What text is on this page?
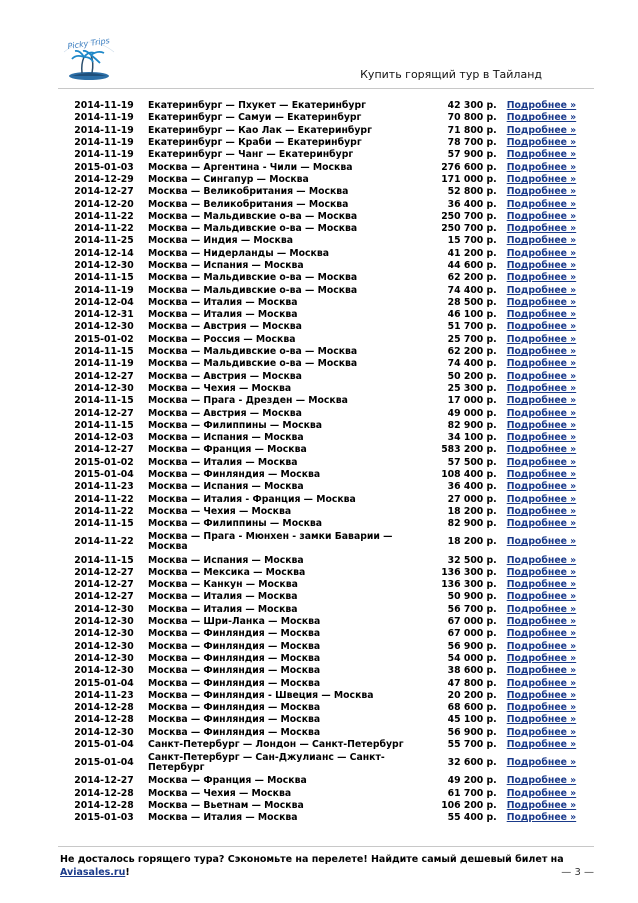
Picky Trips
Купить горящий тур в Тайланд
2014-11-19	Екатеринбург — Пхукет — Екатеринбург	42 300 р.	Подробнее »
2014-11-19	Екатеринбург — Самуи — Екатеринбург	70 800 р.	Подробнее »
2014-11-19	Екатеринбург — Као Лак — Екатеринбург	71 800 р.	Подробнее »
2014-11-19	Екатеринбург — Краби — Екатеринбург	78 700 р.	Подробнее »
2014-11-19	Екатеринбург — Чанг — Екатеринбург	57 900 р.	Подробнее »
2015-01-03	Москва — Аргентина - Чили — Москва	276 600 р.	Подробнее »
2014-12-29	Москва — Сингапур — Москва	171 000 р.	Подробнее »
2014-12-27	Москва — Великобритания — Москва	52 800 р.	Подробнее »
2014-12-20	Москва — Великобритания — Москва	36 400 р.	Подробнее »
2014-11-22	Москва — Мальдивские о-ва — Москва	250 700 р.	Подробнее »
2014-11-22	Москва — Мальдивские о-ва — Москва	250 700 р.	Подробнее »
2014-11-25	Москва — Индия — Москва	15 700 р.	Подробнее »
2014-12-14	Москва — Нидерланды — Москва	41 200 р.	Подробнее »
2014-12-30	Москва — Испания — Москва	44 600 р.	Подробнее »
2014-11-15	Москва — Мальдивские о-ва — Москва	62 200 р.	Подробнее »
2014-11-19	Москва — Мальдивские о-ва — Москва	74 400 р.	Подробнее »
2014-12-04	Москва — Италия — Москва	28 500 р.	Подробнее »
2014-12-31	Москва — Италия — Москва	46 100 р.	Подробнее »
2014-12-30	Москва — Австрия — Москва	51 700 р.	Подробнее »
2015-01-02	Москва — Россия — Москва	25 700 р.	Подробнее »
2014-11-15	Москва — Мальдивские о-ва — Москва	62 200 р.	Подробнее »
2014-11-19	Москва — Мальдивские о-ва — Москва	74 400 р.	Подробнее »
2014-12-27	Москва — Австрия — Москва	50 200 р.	Подробнее »
2014-12-30	Москва — Чехия — Москва	25 300 р.	Подробнее »
2014-11-15	Москва — Прага - Дрезден — Москва	17 000 р.	Подробнее »
2014-12-27	Москва — Австрия — Москва	49 000 р.	Подробнее »
2014-11-15	Москва — Филиппины — Москва	82 900 р.	Подробнее »
2014-12-03	Москва — Испания — Москва	34 100 р.	Подробнее »
2014-12-27	Москва — Франция — Москва	583 200 р.	Подробнее »
2015-01-02	Москва — Италия — Москва	57 500 р.	Подробнее »
2015-01-04	Москва — Финляндия — Москва	108 400 р.	Подробнее »
2014-11-23	Москва — Испания — Москва	36 400 р.	Подробнее »
2014-11-22	Москва — Италия - Франция — Москва	27 000 р.	Подробнее »
2014-11-22	Москва — Чехия — Москва	18 200 р.	Подробнее »
2014-11-15	Москва — Филиппины — Москва	82 900 р.	Подробнее »
2014-11-22	Москва — Прага - Мюнхен - замки Баварии — Москва	18 200 р.	Подробнее »
2014-11-15	Москва — Испания — Москва	32 500 р.	Подробнее »
2014-12-27	Москва — Мексика — Москва	136 300 р.	Подробнее »
2014-12-27	Москва — Канкун — Москва	136 300 р.	Подробнее »
2014-12-27	Москва — Италия — Москва	50 900 р.	Подробнее »
2014-12-30	Москва — Италия — Москва	56 700 р.	Подробнее »
2014-12-30	Москва — Шри-Ланка — Москва	67 000 р.	Подробнее »
2014-12-30	Москва — Финляндия — Москва	67 000 р.	Подробнее »
2014-12-30	Москва — Финляндия — Москва	56 900 р.	Подробнее »
2014-12-30	Москва — Финляндия — Москва	54 000 р.	Подробнее »
2014-12-30	Москва — Финляндия — Москва	38 600 р.	Подробнее »
2015-01-04	Москва — Финляндия — Москва	47 800 р.	Подробнее »
2014-11-23	Москва — Финляндия - Швеция — Москва	20 200 р.	Подробнее »
2014-12-28	Москва — Финляндия — Москва	68 600 р.	Подробнее »
2014-12-28	Москва — Финляндия — Москва	45 100 р.	Подробнее »
2014-12-30	Москва — Финляндия — Москва	56 900 р.	Подробнее »
2015-01-04	Санкт-Петербург — Лондон — Санкт-Петербург	55 700 р.	Подробнее »
2015-01-04	Санкт-Петербург — Сан-Джулианс — Санкт-Петербург	32 600 р.	Подробнее »
2014-12-27	Москва — Франция — Москва	49 200 р.	Подробнее »
2014-12-28	Москва — Чехия — Москва	61 700 р.	Подробнее »
2014-12-28	Москва — Вьетнам — Москва	106 200 р.	Подробнее »
2015-01-03	Москва — Италия — Москва	55 400 р.	Подробнее »
Не досталось горящего тура? Сэкономьте на перелете! Найдите самый дешевый билет на
Aviasales.ru!	— 3 —
